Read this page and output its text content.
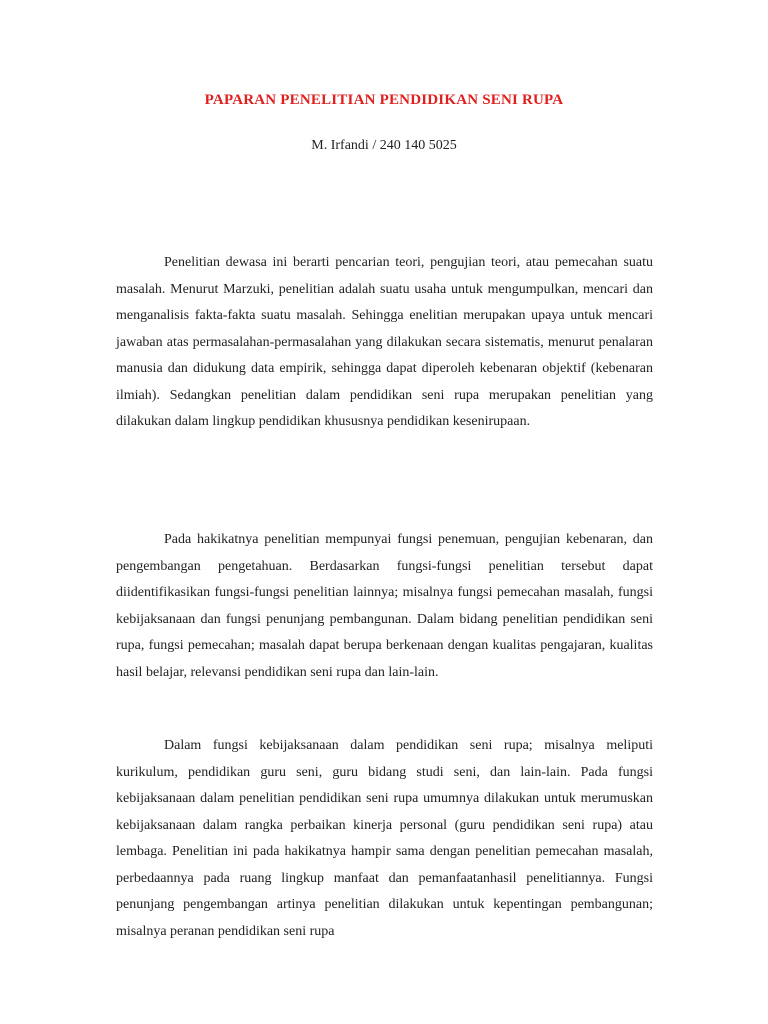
PAPARAN PENELITIAN PENDIDIKAN SENI RUPA
M. Irfandi / 240 140 5025

Penelitian dewasa ini berarti pencarian teori, pengujian teori, atau pemecahan suatu masalah. Menurut Marzuki, penelitian adalah suatu usaha untuk mengumpulkan, mencari dan menganalisis fakta-fakta suatu masalah. Sehingga enelitian merupakan upaya untuk mencari jawaban atas permasalahan-permasalahan yang dilakukan secara sistematis, menurut penalaran manusia dan didukung data empirik, sehingga dapat diperoleh kebenaran objektif (kebenaran ilmiah). Sedangkan penelitian dalam pendidikan seni rupa merupakan penelitian yang dilakukan dalam lingkup pendidikan khususnya pendidikan kesenirupaan.

Pada hakikatnya penelitian mempunyai fungsi penemuan, pengujian kebenaran, dan pengembangan pengetahuan. Berdasarkan fungsi-fungsi penelitian tersebut dapat diidentifikasikan fungsi-fungsi penelitian lainnya; misalnya fungsi pemecahan masalah, fungsi kebijaksanaan dan fungsi penunjang pembangunan. Dalam bidang penelitian pendidikan seni rupa, fungsi pemecahan; masalah dapat berupa berkenaan dengan kualitas pengajaran, kualitas hasil belajar, relevansi pendidikan seni rupa dan lain-lain.

Dalam fungsi kebijaksanaan dalam pendidikan seni rupa; misalnya meliputi kurikulum, pendidikan guru seni, guru bidang studi seni, dan lain-lain. Pada fungsi kebijaksanaan dalam penelitian pendidikan seni rupa umumnya dilakukan untuk merumuskan kebijaksanaan dalam rangka perbaikan kinerja personal (guru pendidikan seni rupa) atau lembaga. Penelitian ini pada hakikatnya hampir sama dengan penelitian pemecahan masalah, perbedaannya pada ruang lingkup manfaat dan pemanfaatanhasil penelitiannya. Fungsi penunjang pengembangan artinya penelitian dilakukan untuk kepentingan pembangunan; misalnya peranan pendidikan seni rupa
